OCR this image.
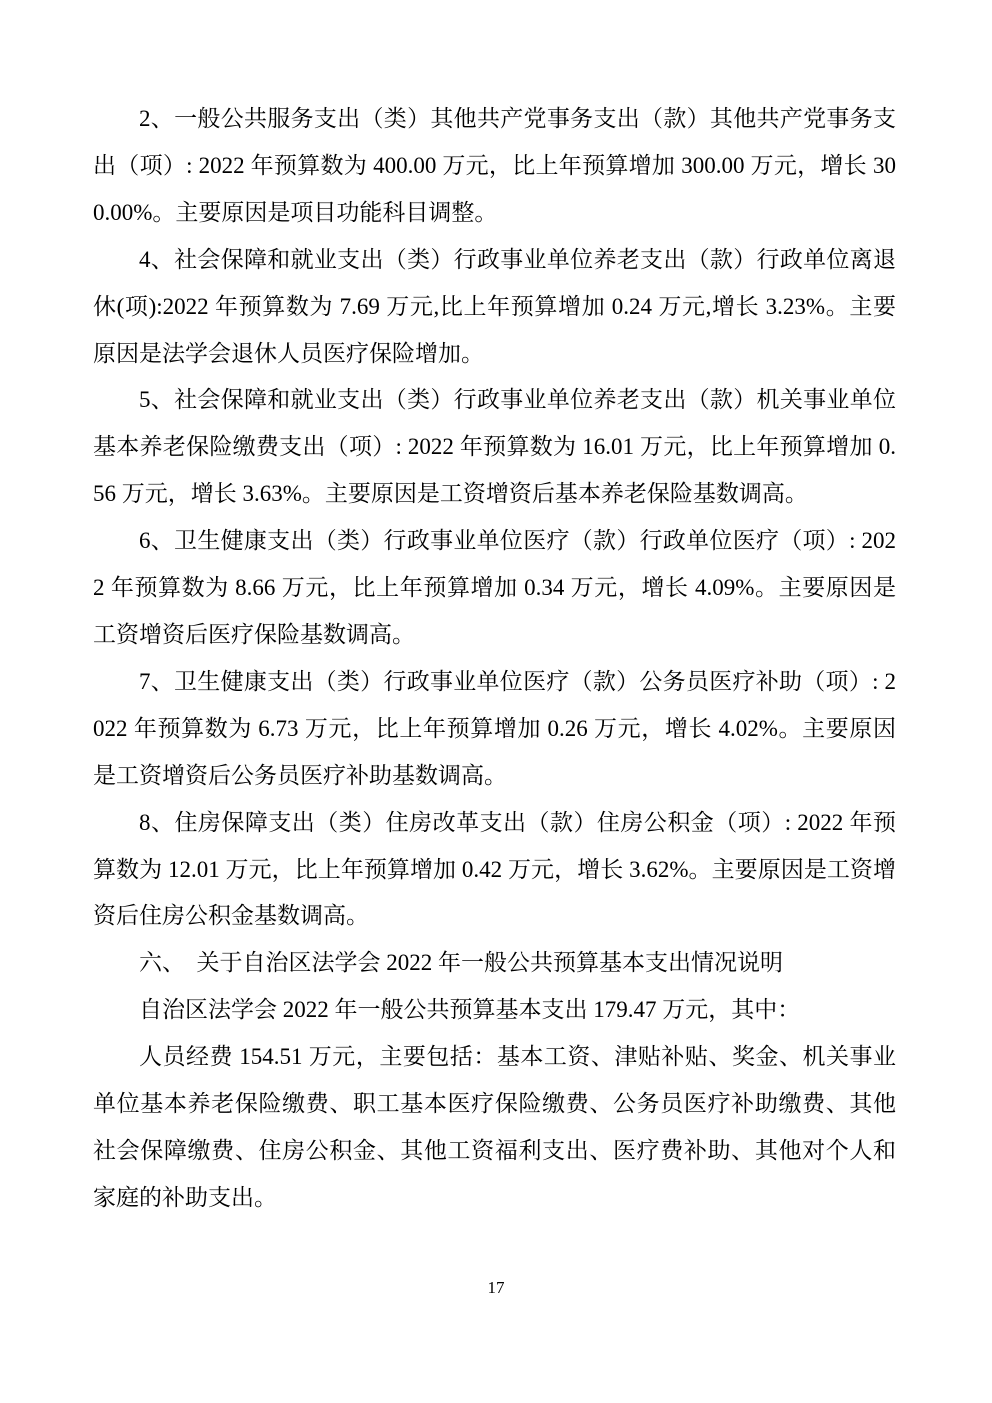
2、一般公共服务支出（类）其他共产党事务支出（款）其他共产党事务支出（项）: 2022 年预算数为 400.00 万元，比上年预算增加 300.00 万元，增长 300.00%。主要原因是项目功能科目调整。

4、社会保障和就业支出（类）行政事业单位养老支出（款）行政单位离退休(项):2022 年预算数为 7.69 万元,比上年预算增加 0.24 万元,增长 3.23%。主要原因是法学会退休人员医疗保险增加。

5、社会保障和就业支出（类）行政事业单位养老支出（款）机关事业单位基本养老保险缴费支出（项）: 2022 年预算数为 16.01 万元，比上年预算增加 0.56 万元，增长 3.63%。主要原因是工资增资后基本养老保险基数调高。

6、卫生健康支出（类）行政事业单位医疗（款）行政单位医疗（项）: 2022 年预算数为 8.66 万元，比上年预算增加 0.34 万元，增长 4.09%。主要原因是工资增资后医疗保险基数调高。

7、卫生健康支出（类）行政事业单位医疗（款）公务员医疗补助（项）: 2022 年预算数为 6.73 万元，比上年预算增加 0.26 万元，增长 4.02%。主要原因是工资增资后公务员医疗补助基数调高。

8、住房保障支出（类）住房改革支出（款）住房公积金（项）: 2022 年预算数为 12.01 万元，比上年预算增加 0.42 万元，增长 3.62%。主要原因是工资增资后住房公积金基数调高。

六、　关于自治区法学会 2022 年一般公共预算基本支出情况说明

自治区法学会 2022 年一般公共预算基本支出 179.47 万元，其中：

人员经费 154.51 万元，主要包括：基本工资、津贴补贴、奖金、机关事业单位基本养老保险缴费、职工基本医疗保险缴费、公务员医疗补助缴费、其他社会保障缴费、住房公积金、其他工资福利支出、医疗费补助、其他对个人和家庭的补助支出。

17
